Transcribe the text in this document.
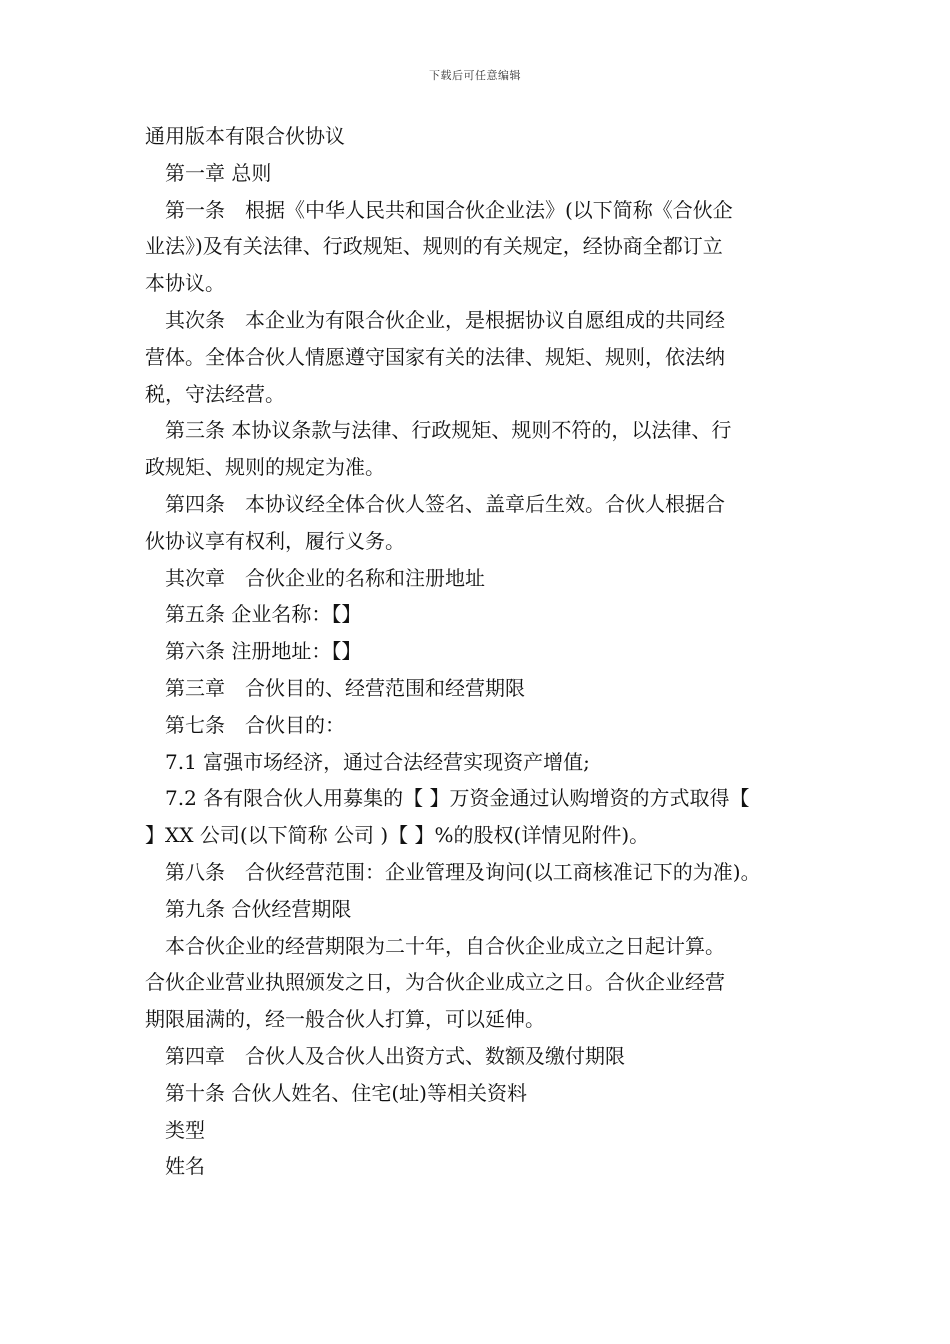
下载后可任意编辑
通用版本有限合伙协议
第一章 总则
第一条　根据《中华人民共和国合伙企业法》(以下简称《合伙企
业法》)及有关法律、行政规矩、规则的有关规定，经协商全都订立
本协议。
其次条　本企业为有限合伙企业，是根据协议自愿组成的共同经
营体。全体合伙人情愿遵守国家有关的法律、规矩、规则，依法纳
税，守法经营。
第三条 本协议条款与法律、行政规矩、规则不符的，以法律、行
政规矩、规则的规定为准。
第四条　本协议经全体合伙人签名、盖章后生效。合伙人根据合
伙协议享有权利，履行义务。
其次章　合伙企业的名称和注册地址
第五条 企业名称：【】
第六条 注册地址：【】
第三章　合伙目的、经营范围和经营期限
第七条　合伙目的：
7.1 富强市场经济，通过合法经营实现资产增值;
7.2 各有限合伙人用募集的【 】万资金通过认购增资的方式取得【
】XX 公司(以下简称 公司 )【 】%的股权(详情见附件)。
第八条　合伙经营范围：企业管理及询问(以工商核准记下的为准)。
第九条 合伙经营期限
本合伙企业的经营期限为二十年，自合伙企业成立之日起计算。
合伙企业营业执照颁发之日，为合伙企业成立之日。合伙企业经营
期限届满的，经一般合伙人打算，可以延伸。
第四章　合伙人及合伙人出资方式、数额及缴付期限
第十条 合伙人姓名、住宅(址)等相关资料
类型
姓名
